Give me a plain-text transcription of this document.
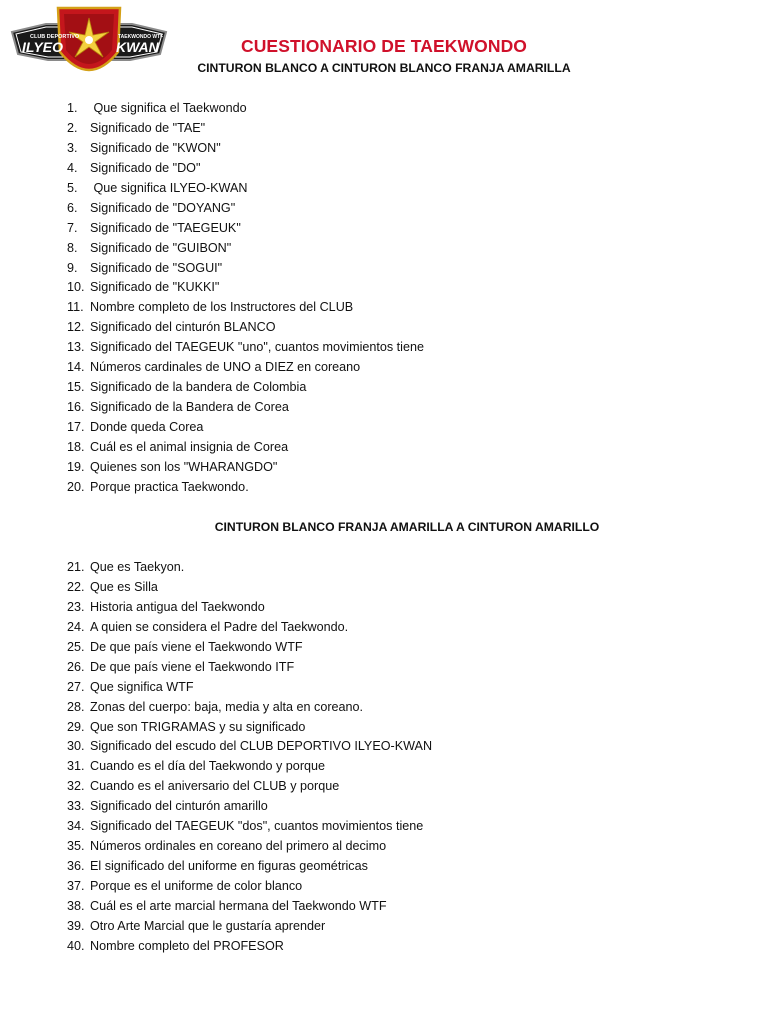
CLUB DEPORTIVO
ILYEO
TAEKWONDO WTF
KWAN	CUESTIONARIO DE TAEKWONDO
CINTURON BLANCO A CINTURON BLANCO FRANJA AMARILLA
1. Que significa el Taekwondo
2. Significado de "TAE"
3. Significado de "KWON"
4. Significado de "DO"
5. Que significa ILYEO-KWAN
6. Significado de "DOYANG"
7. Significado de "TAEGEUK"
8. Significado de "GUIBON"
9. Significado de "SOGUI"
10. Significado de "KUKKI"
11. Nombre completo de los Instructores del CLUB
12. Significado del cinturón BLANCO
13. Significado del TAEGEUK "uno", cuantos movimientos tiene
14. Números cardinales de UNO a DIEZ en coreano
15. Significado de la bandera de Colombia
16. Significado de la Bandera de Corea
17. Donde queda Corea
18. Cuál es el animal insignia de Corea
19. Quienes son los "WHARANGDO"
20. Porque practica Taekwondo.
CINTURON BLANCO FRANJA AMARILLA A CINTURON AMARILLO
21. Que es Taekyon.
22. Que es Silla
23. Historia antigua del Taekwondo
24. A quien se considera el Padre del Taekwondo.
25. De que país viene el Taekwondo WTF
26. De que país viene el Taekwondo ITF
27. Que significa WTF
28. Zonas del cuerpo: baja, media y alta en coreano.
29. Que son TRIGRAMAS y su significado
30. Significado del escudo del CLUB DEPORTIVO ILYEO-KWAN
31. Cuando es el día del Taekwondo y porque
32. Cuando es el aniversario del CLUB y porque
33. Significado del cinturón amarillo
34. Significado del TAEGEUK "dos", cuantos movimientos tiene
35. Números ordinales en coreano del primero al decimo
36. El significado del uniforme en figuras geométricas
37. Porque es el uniforme de color blanco
38. Cuál es el arte marcial hermana del Taekwondo WTF
39. Otro Arte Marcial que le gustaría aprender
40. Nombre completo del PROFESOR
